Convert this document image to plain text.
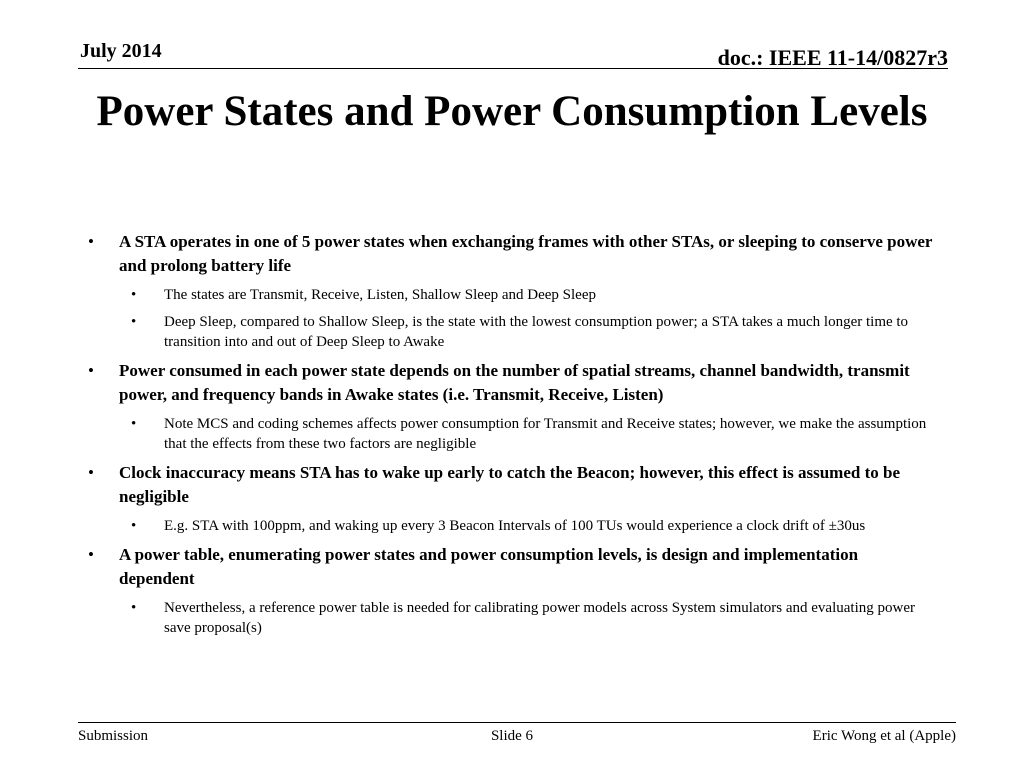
July 2014	doc.: IEEE 11-14/0827r3
Power States and Power Consumption Levels
• A STA operates in one of 5 power states when exchanging frames with other STAs, or sleeping to conserve power and prolong battery life
• The states are Transmit, Receive, Listen, Shallow Sleep and Deep Sleep
• Deep Sleep, compared to Shallow Sleep, is the state with the lowest consumption power; a STA takes a much longer time to transition into and out of Deep Sleep to Awake
• Power consumed in each power state depends on the number of spatial streams, channel bandwidth, transmit power, and frequency bands in Awake states (i.e. Transmit, Receive, Listen)
• Note MCS and coding schemes affects power consumption for Transmit and Receive states; however, we make the assumption that the effects from these two factors are negligible
• Clock inaccuracy means STA has to wake up early to catch the Beacon; however, this effect is assumed to be negligible
• E.g. STA with 100ppm, and waking up every 3 Beacon Intervals of 100 TUs would experience a clock drift of ±30us
• A power table, enumerating power states and power consumption levels, is design and implementation dependent
• Nevertheless, a reference power table is needed for calibrating power models across System simulators and evaluating power save proposal(s)
Submission	Slide 6	Eric Wong et al (Apple)
